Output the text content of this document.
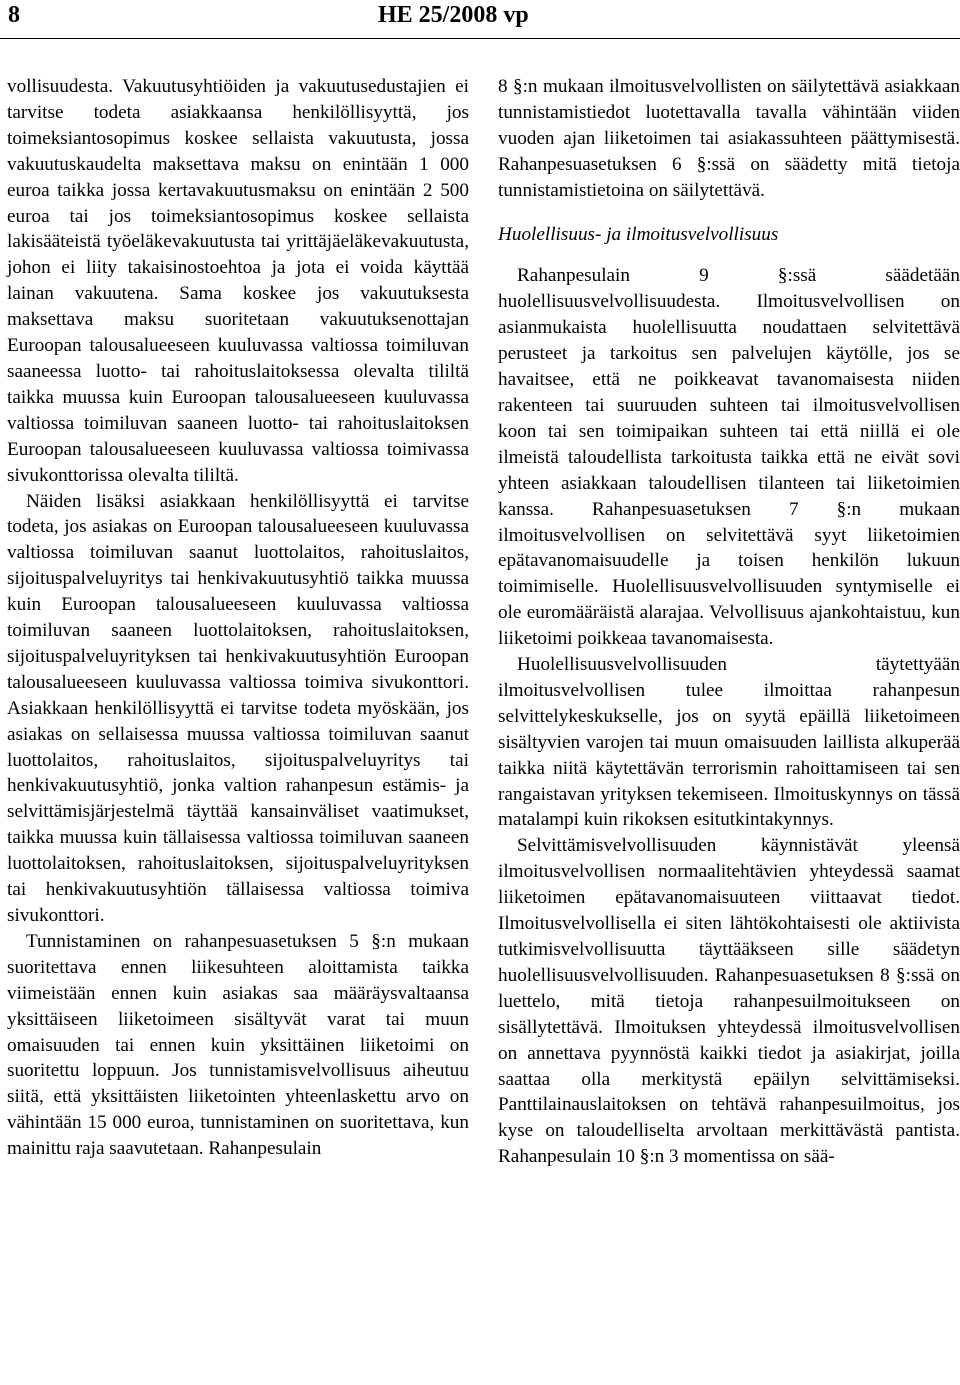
8	HE 25/2008 vp

vollisuudesta. Vakuutusyhtiöiden ja vakuutusedustajien ei tarvitse todeta asiakkaansa henkilöllisyyttä, jos toimeksiantosopimus koskee sellaista vakuutusta, jossa vakuutuskaudelta maksettava maksu on enintään 1 000 euroa taikka jossa kertavakuutusmaksu on enintään 2 500 euroa tai jos toimeksiantosopimus koskee sellaista lakisääteistä työeläkevakuutusta tai yrittäjäeläkevakuutusta, johon ei liity takaisinostoehtoa ja jota ei voida käyttää lainan vakuutena. Sama koskee jos vakuutuksesta maksettava maksu suoritetaan vakuutuksenottajan Euroopan talousalueeseen kuuluvassa valtiossa toimiluvan saaneessa luotto- tai rahoituslaitoksessa olevalta tililtä taikka muussa kuin Euroopan talousalueeseen kuuluvassa valtiossa toimiluvan saaneen luotto- tai rahoituslaitoksen Euroopan talousalueeseen kuuluvassa valtiossa toimivassa sivukonttorissa olevalta tililtä.

Näiden lisäksi asiakkaan henkilöllisyyttä ei tarvitse todeta, jos asiakas on Euroopan talousalueeseen kuuluvassa valtiossa toimiluvan saanut luottolaitos, rahoituslaitos, sijoituspalveluyritys tai henkivakuutusyhtiö taikka muussa kuin Euroopan talousalueeseen kuuluvassa valtiossa toimiluvan saaneen luottolaitoksen, rahoituslaitoksen, sijoituspalveluyrityksen tai henkivakuutusyhtiön Euroopan talousalueeseen kuuluvassa valtiossa toimiva sivukonttori. Asiakkaan henkilöllisyyttä ei tarvitse todeta myöskään, jos asiakas on sellaisessa muussa valtiossa toimiluvan saanut luottolaitos, rahoituslaitos, sijoituspalveluyritys tai henkivakuutusyhtiö, jonka valtion rahanpesun estämis- ja selvittämisjärjestelmä täyttää kansainväliset vaatimukset, taikka muussa kuin tällaisessa valtiossa toimiluvan saaneen luottolaitoksen, rahoituslaitoksen, sijoituspalveluyrityksen tai henkivakuutusyhtiön tällaisessa valtiossa toimiva sivukonttori.

Tunnistaminen on rahanpesuasetuksen 5 §:n mukaan suoritettava ennen liikesuhteen aloittamista taikka viimeistään ennen kuin asiakas saa määräysvaltaansa yksittäiseen liiketoimeen sisältyvät varat tai muun omaisuuden tai ennen kuin yksittäinen liiketoimi on suoritettu loppuun. Jos tunnistamisvelvollisuus aiheutuu siitä, että yksittäisten liiketointen yhteenlaskettu arvo on vähintään 15 000 euroa, tunnistaminen on suoritettava, kun mainittu raja saavutetaan. Rahanpesulain

8 §:n mukaan ilmoitusvelvollisten on säilytettävä asiakkaan tunnistamistiedot luotettavalla tavalla vähintään viiden vuoden ajan liiketoimen tai asiakassuhteen päättymisestä. Rahanpesuasetuksen 6 §:ssä on säädetty mitä tietoja tunnistamistietoina on säilytettävä.

Huolellisuus- ja ilmoitusvelvollisuus

Rahanpesulain 9 §:ssä säädetään huolellisuusvelvollisuudesta. Ilmoitusvelvollisen on asianmukaista huolellisuutta noudattaen selvitettävä perusteet ja tarkoitus sen palvelujen käytölle, jos se havaitsee, että ne poikkeavat tavanomaisesta niiden rakenteen tai suuruuden suhteen tai ilmoitusvelvollisen koon tai sen toimipaikan suhteen tai että niillä ei ole ilmeistä taloudellista tarkoitusta taikka että ne eivät sovi yhteen asiakkaan taloudellisen tilanteen tai liiketoimien kanssa. Rahanpesuasetuksen 7 §:n mukaan ilmoitusvelvollisen on selvitettävä syyt liiketoimien epätavanomaisuudelle ja toisen henkilön lukuun toimimiselle. Huolellisuusvelvollisuuden syntymiselle ei ole euromääräistä alarajaa. Velvollisuus ajankohtaistuu, kun liiketoimi poikkeaa tavanomaisesta.

Huolellisuusvelvollisuuden täytettyään ilmoitusvelvollisen tulee ilmoittaa rahanpesun selvittelykeskukselle, jos on syytä epäillä liiketoimeen sisältyvien varojen tai muun omaisuuden laillista alkuperää taikka niitä käytettävän terrorismin rahoittamiseen tai sen rangaistavan yrityksen tekemiseen. Ilmoituskynnys on tässä matalampi kuin rikoksen esitutkintakynnys.

Selvittämisvelvollisuuden käynnistävät yleensä ilmoitusvelvollisen normaalitehtävien yhteydessä saamat liiketoimen epätavanomaisuuteen viittaavat tiedot. Ilmoitusvelvollisella ei siten lähtökohtaisesti ole aktiivista tutkimisvelvollisuutta täyttääkseen sille säädetyn huolellisuusvelvollisuuden. Rahanpesuasetuksen 8 §:ssä on luettelo, mitä tietoja rahanpesuilmoitukseen on sisällytettävä. Ilmoituksen yhteydessä ilmoitusvelvollisen on annettava pyynnöstä kaikki tiedot ja asiakirjat, joilla saattaa olla merkitystä epäilyn selvittämiseksi. Panttilainauslaitoksen on tehtävä rahanpesuilmoitus, jos kyse on taloudelliselta arvoltaan merkittävästä pantista. Rahanpesulain 10 §:n 3 momentissa on sää-
